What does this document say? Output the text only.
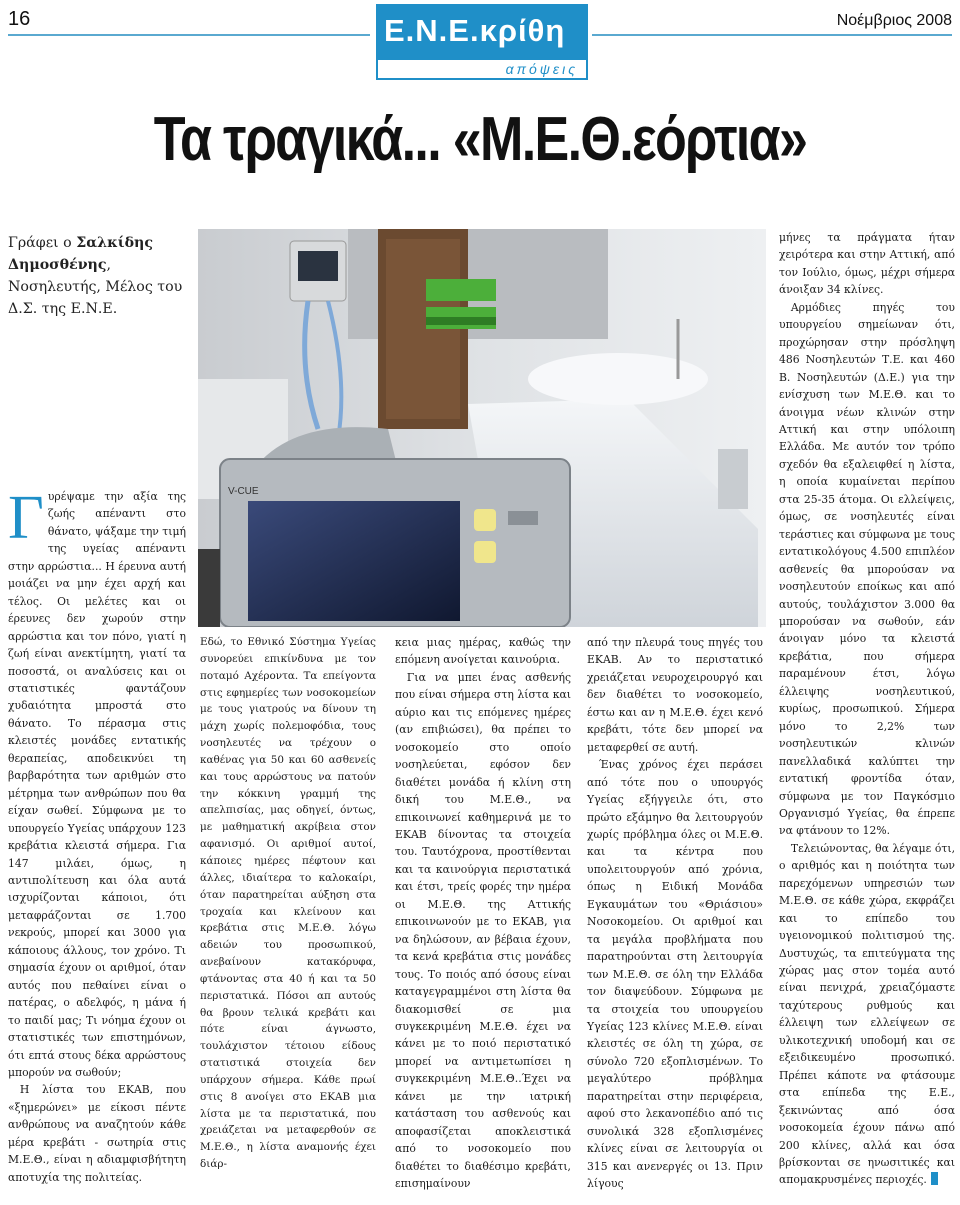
16	Νοέμβριος 2008
Ε.Ν.Ε.κρίθη
απόψεις
Τα τραγικά... «Μ.Ε.Θ.εόρτια»
Γράφει ο Σαλκίδης Δημοσθένης, Νοσηλευτής, Μέλος του Δ.Σ. της Ε.Ν.Ε.
V-CUE
Γ υρέψαμε την αξία της ζωής απέναντι στο θάνατο, ψάξαμε την τιμή της υγείας απέναντι στην αρρώστια... Η έρευνα αυτή μοιάζει να μην έχει αρχή και τέλος. Οι μελέτες και οι έρευνες δεν χωρούν στην αρρώστια και τον πόνο, γιατί η ζωή είναι ανεκτίμητη, γιατί τα ποσοστά, οι αναλύσεις και οι στατιστικές φαντάζουν χυδαιότητα μπροστά στο θάνατο. Το πέρασμα στις κλειστές μονάδες εντατικής θεραπείας, αποδεικνύει τη βαρβαρότητα των αριθμών στο μέτρημα των ανθρώπων που θα είχαν σωθεί. Σύμφωνα με το υπουργείο Υγείας υπάρχουν 123 κρεβάτια κλειστά σήμερα. Για 147 μιλάει, όμως, η αντιπολίτευση και όλα αυτά ισχυρίζονται κάποιοι, ότι μεταφράζονται σε 1.700 νεκρούς, μπορεί και 3000 για κάποιους άλλους, τον χρόνο. Τι σημασία έχουν οι αριθμοί, όταν αυτός που πεθαίνει είναι ο πατέρας, ο αδελφός, η μάνα ή το παιδί μας; Τι νόημα έχουν οι στατιστικές των επιστημόνων, ότι επτά στους δέκα αρρώστους μπορούν να σωθούν;

Η λίστα του ΕΚΑΒ, που «ξημερώνει» με είκοσι πέντε ανθρώπους να αναζητούν κάθε μέρα κρεβάτι - σωτηρία στις Μ.Ε.Θ., είναι η αδιαμφισβήτητη αποτυχία της πολιτείας.

Εδώ, το Εθνικό Σύστημα Υγείας συνορεύει επικίνδυνα με τον ποταμό Αχέροντα. Τα επείγοντα στις εφημερίες των νοσοκομείων με τους γιατρούς να δίνουν τη μάχη χωρίς πολεμοφόδια, τους νοσηλευτές να τρέχουν ο καθένας για 50 και 60 ασθενείς και τους αρρώστους να πατούν την κόκκινη γραμμή της απελπισίας, μας οδηγεί, όντως, με μαθηματική ακρίβεια στον αφανισμό. Οι αριθμοί αυτοί, κάποιες ημέρες πέφτουν και άλλες, ιδιαίτερα το καλοκαίρι, όταν παρατηρείται αύξηση στα τροχαία και κλείνουν και κρεβάτια στις Μ.Ε.Θ. λόγω αδειών του προσωπικού, ανεβαίνουν κατακόρυφα, φτάνοντας στα 40 ή και τα 50 περιστατικά. Πόσοι απ αυτούς θα βρουν τελικά κρεβάτι και πότε είναι άγνωστο, τουλάχιστον τέτοιου είδους στατιστικά στοιχεία δεν υπάρχουν σήμερα. Κάθε πρωί στις 8 ανοίγει στο ΕΚΑΒ μια λίστα με τα περιστατικά, που χρειάζεται να μεταφερθούν σε Μ.Ε.Θ., η λίστα αναμονής έχει διάρ-

κεια μιας ημέρας, καθώς την επόμενη ανοίγεται καινούρια.

Για να μπει ένας ασθενής που είναι σήμερα στη λίστα και αύριο και τις επόμενες ημέρες (αν επιβιώσει), θα πρέπει το νοσοκομείο στο οποίο νοσηλεύεται, εφόσον δεν διαθέτει μονάδα ή κλίνη στη δική του Μ.Ε.Θ., να επικοινωνεί καθημερινά με το ΕΚΑΒ δίνοντας τα στοιχεία του. Ταυτόχρονα, προστίθενται και τα καινούργια περιστατικά και έτσι, τρείς φορές την ημέρα οι Μ.Ε.Θ. της Αττικής επικοινωνούν με το ΕΚΑΒ, για να δηλώσουν, αν βέβαια έχουν, τα κενά κρεβάτια στις μονάδες τους. Το ποιός από όσους είναι καταγεγραμμένοι στη λίστα θα διακομισθεί σε μια συγκεκριμένη Μ.Ε.Θ. έχει να κάνει με το ποιό περιστατικό μπορεί να αντιμετωπίσει η συγκεκριμένη Μ.Ε.Θ..Έχει να κάνει με την ιατρική κατάσταση του ασθενούς και αποφασίζεται αποκλειστικά από το νοσοκομείο που διαθέτει το διαθέσιμο κρεβάτι, επισημαίνουν

από την πλευρά τους πηγές του ΕΚΑΒ. Αν το περιστατικό χρειάζεται νευροχειρουργό και δεν διαθέτει το νοσοκομείο, έστω και αν η Μ.Ε.Θ. έχει κενό κρεβάτι, τότε δεν μπορεί να μεταφερθεί σε αυτή.

Ένας χρόνος έχει περάσει από τότε που ο υπουργός Υγείας εξήγγειλε ότι, στο πρώτο εξάμηνο θα λειτουργούν χωρίς πρόβλημα όλες οι Μ.Ε.Θ. και τα κέντρα που υπολειτουργούν από χρόνια, όπως η Ειδική Μονάδα Εγκαυμάτων του «Θριάσιου» Νοσοκομείου. Οι αριθμοί και τα μεγάλα προβλήματα που παρατηρούνται στη λειτουργία των Μ.Ε.Θ. σε όλη την Ελλάδα τον διαψεύδουν. Σύμφωνα με τα στοιχεία του υπουργείου Υγείας 123 κλίνες Μ.Ε.Θ. είναι κλειστές σε όλη τη χώρα, σε σύνολο 720 εξοπλισμένων. Το μεγαλύτερο πρόβλημα παρατηρείται στην περιφέρεια, αφού στο λεκανοπέδιο από τις συνολικά 328 εξοπλισμένες κλίνες είναι σε λειτουργία οι 315 και ανενεργές οι 13. Πριν λίγους

μήνες τα πράγματα ήταν χειρότερα και στην Αττική, από τον Ιούλιο, όμως, μέχρι σήμερα άνοιξαν 34 κλίνες.

Αρμόδιες πηγές του υπουργείου σημείωναν ότι, προχώρησαν στην πρόσληψη 486 Νοσηλευτών Τ.Ε. και 460 Β. Νοσηλευτών (Δ.Ε.) για την ενίσχυση των Μ.Ε.Θ. και το άνοιγμα νέων κλινών στην Αττική και στην υπόλοιπη Ελλάδα. Με αυτόν τον τρόπο σχεδόν θα εξαλειφθεί η λίστα, η οποία κυμαίνεται περίπου στα 25-35 άτομα. Οι ελλείψεις, όμως, σε νοσηλευτές είναι τεράστιες και σύμφωνα με τους εντατικολόγους 4.500 επιπλέον ασθενείς θα μπορούσαν να νοσηλευτούν εποίκως και από αυτούς, τουλάχιστον 3.000 θα μπορούσαν να σωθούν, εάν άνοιγαν μόνο τα κλειστά κρεβάτια, που σήμερα παραμένουν έτσι, λόγω έλλειψης νοσηλευτικού, κυρίως, προσωπικού. Σήμερα μόνο το 2,2% των νοσηλευτικών κλινών πανελλαδικά καλύπτει την εντατική φροντίδα όταν, σύμφωνα με τον Παγκόσμιο Οργανισμό Υγείας, θα έπρεπε να φτάνουν το 12%.

Τελειώνοντας, θα λέγαμε ότι, ο αριθμός και η ποιότητα των παρεχόμενων υπηρεσιών των Μ.Ε.Θ. σε κάθε χώρα, εκφράζει και το επίπεδο του υγειονομικού πολιτισμού της. Δυστυχώς, τα επιτεύγματα της χώρας μας στον τομέα αυτό είναι πενιχρά, χρειαζόμαστε ταχύτερους ρυθμούς και έλλειψη των ελλείψεων σε υλικοτεχνική υποδομή και σε εξειδικευμένο προσωπικό. Πρέπει κάποτε να φτάσουμε στα επίπεδα της Ε.Ε., ξεκινώντας από όσα νοσοκομεία έχουν πάνω από 200 κλίνες, αλλά και όσα βρίσκονται σε ηνωσιτικές και απομακρυσμένες περιοχές.
